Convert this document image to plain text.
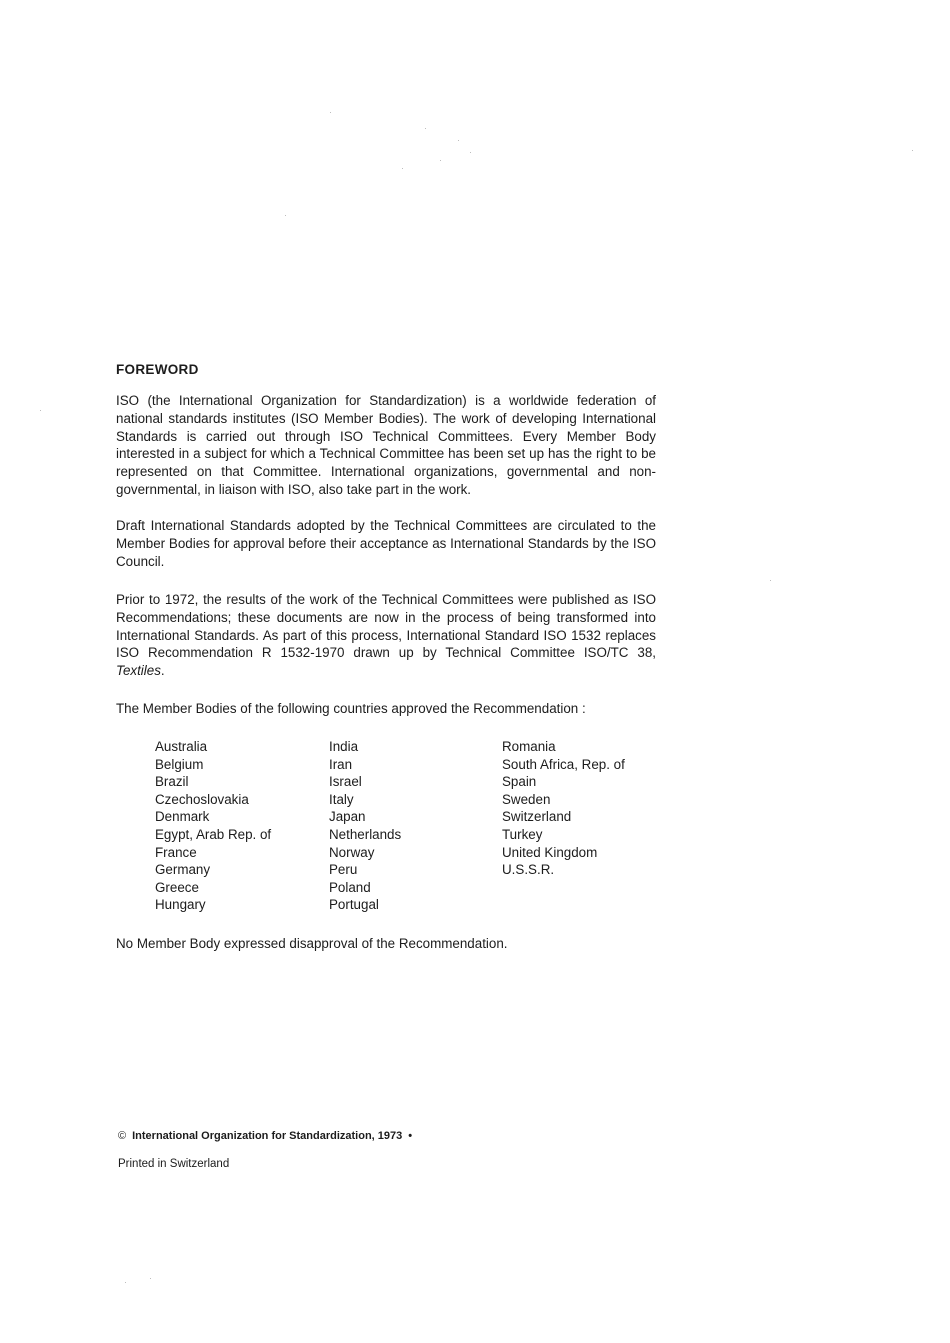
FOREWORD

ISO (the International Organization for Standardization) is a worldwide federation of national standards institutes (ISO Member Bodies). The work of developing International Standards is carried out through ISO Technical Committees. Every Member Body interested in a subject for which a Technical Committee has been set up has the right to be represented on that Committee. International organizations, governmental and non-governmental, in liaison with ISO, also take part in the work.

Draft International Standards adopted by the Technical Committees are circulated to the Member Bodies for approval before their acceptance as International Standards by the ISO Council.

Prior to 1972, the results of the work of the Technical Committees were published as ISO Recommendations; these documents are now in the process of being transformed into International Standards. As part of this process, International Standard ISO 1532 replaces ISO Recommendation R 1532-1970 drawn up by Technical Committee ISO/TC 38, Textiles.

The Member Bodies of the following countries approved the Recommendation :

Australia
Belgium
Brazil
Czechoslovakia
Denmark
Egypt, Arab Rep. of
France
Germany
Greece
Hungary
India
Iran
Israel
Italy
Japan
Netherlands
Norway
Peru
Poland
Portugal
Romania
South Africa, Rep. of
Spain
Sweden
Switzerland
Turkey
United Kingdom
U.S.S.R.

No Member Body expressed disapproval of the Recommendation.

© International Organization for Standardization, 1973 •

Printed in Switzerland
